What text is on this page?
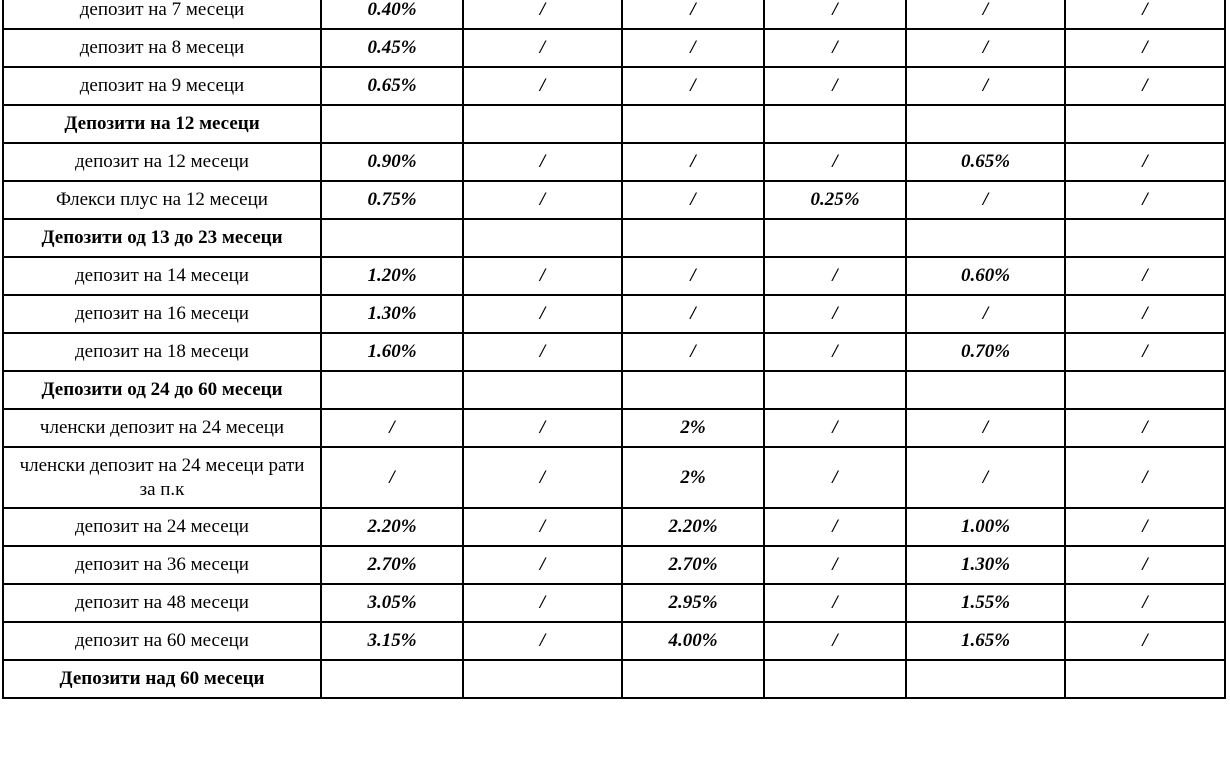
депозит на 7 месеци	0.40%	/	/	/	/	/
депозит на 8 месеци	0.45%	/	/	/	/	/
депозит на 9 месеци	0.65%	/	/	/	/	/
Депозити на 12 месеци						
депозит на 12 месеци	0.90%	/	/	/	0.65%	/
Флекси плус на 12 месеци	0.75%	/	/	0.25%	/	/
Депозити од 13 до 23 месеци						
депозит на 14 месеци	1.20%	/	/	/	0.60%	/
депозит на 16 месеци	1.30%	/	/	/	/	/
депозит на 18 месеци	1.60%	/	/	/	0.70%	/
Депозити од 24 до 60 месеци						
членски депозит на 24 месеци	/	/	2%	/	/	/
членски депозит на 24 месеци рати за п.к	/	/	2%	/	/	/
депозит на 24 месеци	2.20%	/	2.20%	/	1.00%	/
депозит на 36 месеци	2.70%	/	2.70%	/	1.30%	/
депозит на 48 месеци	3.05%	/	2.95%	/	1.55%	/
депозит на 60 месеци	3.15%	/	4.00%	/	1.65%	/
Депозити над 60 месеци						
